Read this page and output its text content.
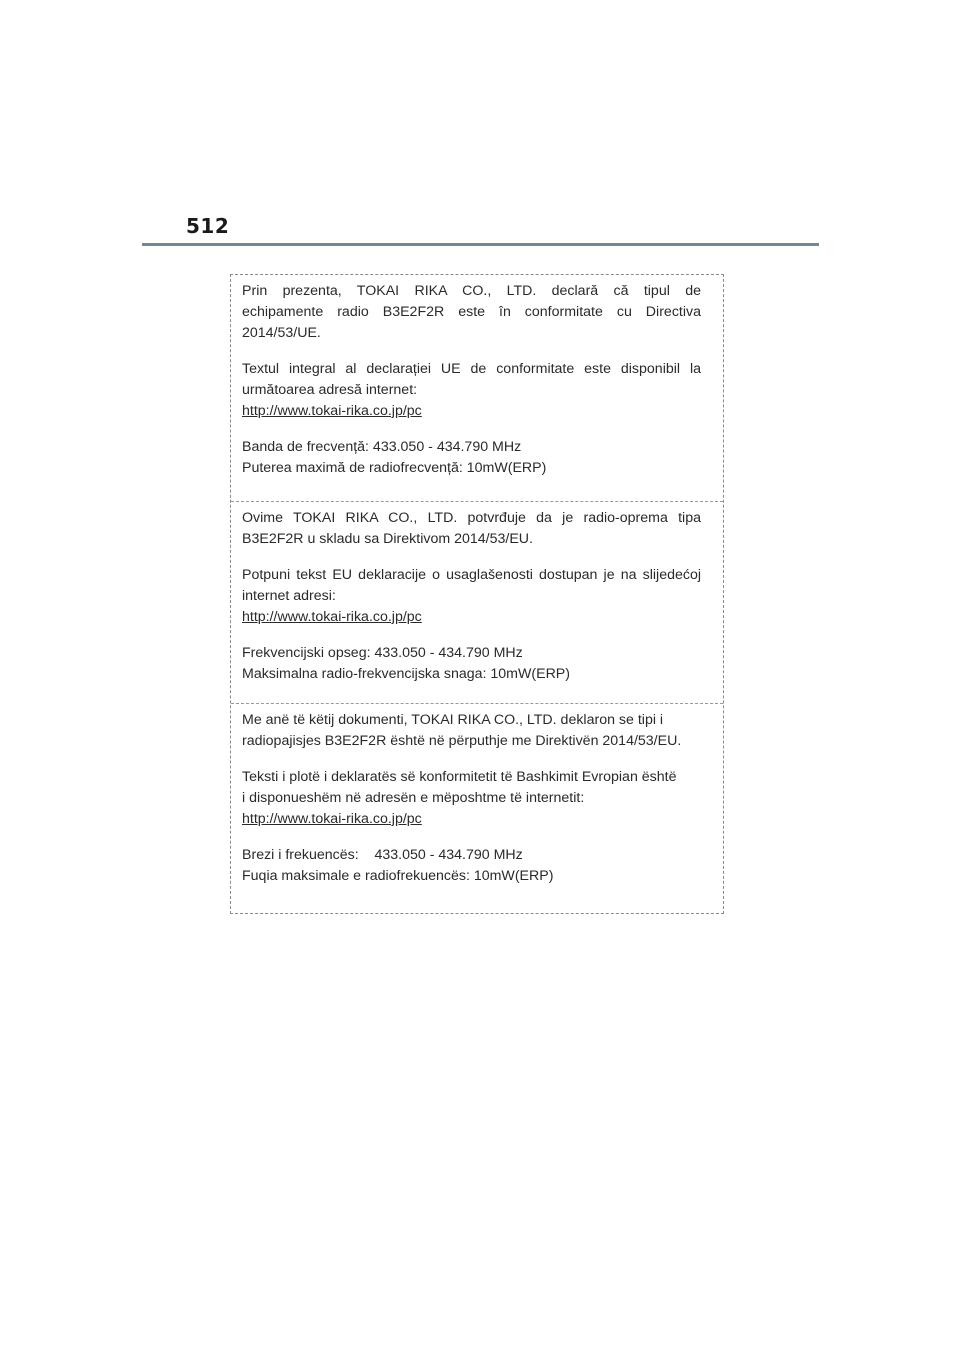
512

Prin prezenta, TOKAI RIKA CO., LTD. declară că tipul de
echipamente radio B3E2F2R este în conformitate cu Directiva
2014/53/UE.

Textul integral al declarației UE de conformitate este disponibil la
următoarea adresă internet:
http://www.tokai-rika.co.jp/pc

Banda de frecvență: 433.050 - 434.790 MHz
Puterea maximă de radiofrecvență: 10mW(ERP)

Ovime TOKAI RIKA CO., LTD. potvrđuje da je radio-oprema tipa
B3E2F2R u skladu sa Direktivom 2014/53/EU.

Potpuni tekst EU deklaracije o usaglašenosti dostupan je na slijedećoj
internet adresi:
http://www.tokai-rika.co.jp/pc

Frekvencijski opseg: 433.050 - 434.790 MHz
Maksimalna radio-frekvencijska snaga: 10mW(ERP)

Me anë të këtij dokumenti, TOKAI RIKA CO., LTD. deklaron se tipi i
radiopajisjes B3E2F2R është në përputhje me Direktivën 2014/53/EU.

Teksti i plotë i deklaratës së konformitetit të Bashkimit Evropian është
i disponueshëm në adresën e mëposhtme të internetit:
http://www.tokai-rika.co.jp/pc

Brezi i frekuencës:    433.050 - 434.790 MHz
Fuqia maksimale e radiofrekuencës: 10mW(ERP)
